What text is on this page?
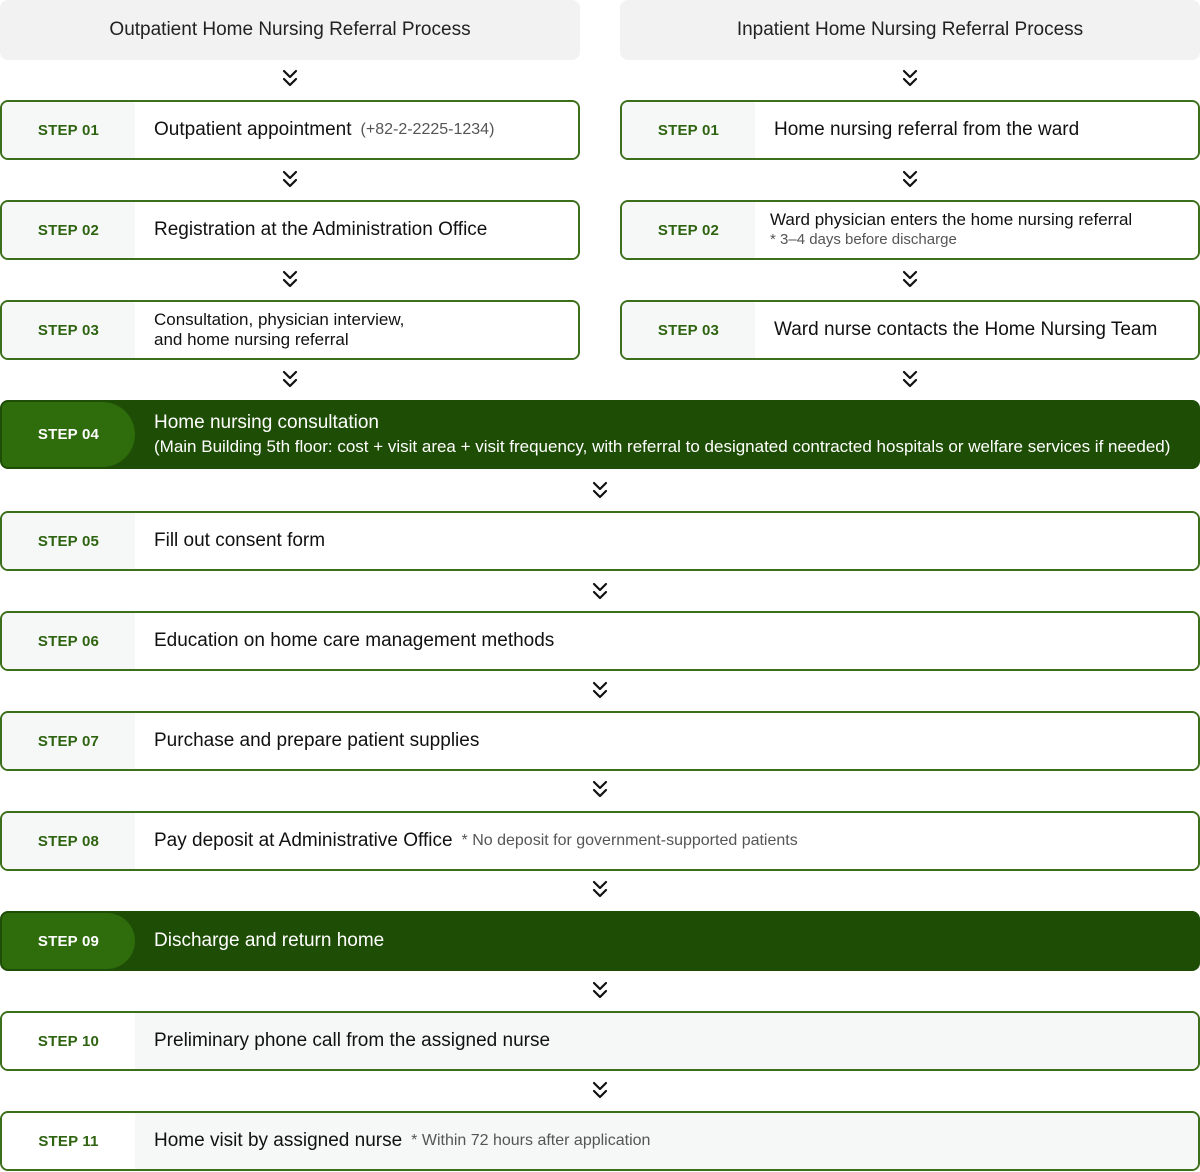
Outpatient Home Nursing Referral Process	Inpatient Home Nursing Referral Process
STEP 01	Outpatient appointment (+82-2-2225-1234)
STEP 02	Registration at the Administration Office
STEP 03
Consultation, physician interview,
and home nursing referral
STEP 01	Home nursing referral from the ward
STEP 02
Ward physician enters the home nursing referral
* 3–4 days before discharge
STEP 03	Ward nurse contacts the Home Nursing Team
STEP 04
Home nursing consultation
(Main Building 5th floor: cost + visit area + visit frequency, with referral to designated contracted hospitals or welfare services if needed)
STEP 05	Fill out consent form
STEP 06	Education on home care management methods
STEP 07	Purchase and prepare patient supplies
STEP 08	Pay deposit at Administrative Office * No deposit for government-supported patients
STEP 09	Discharge and return home
STEP 10	Preliminary phone call from the assigned nurse
STEP 11	Home visit by assigned nurse * Within 72 hours after application
